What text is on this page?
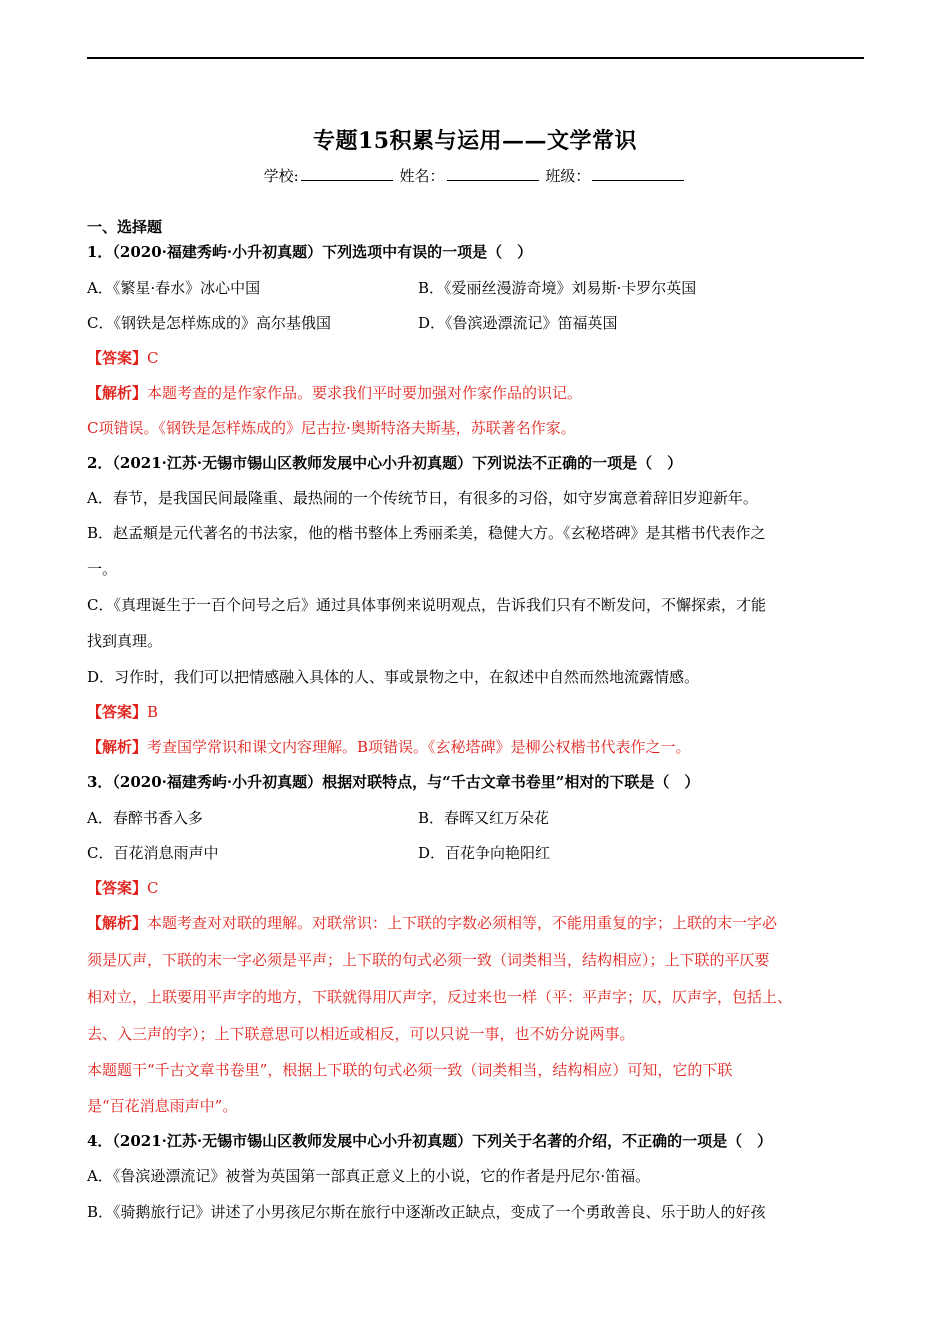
专题15积累与运用——文学常识
学校:	姓名：	班级：
一、选择题
1．（2020·福建秀屿·小升初真题）下列选项中有误的一项是（　）
A．《繁星·春水》冰心中国	B．《爱丽丝漫游奇境》刘易斯·卡罗尔英国
C．《钢铁是怎样炼成的》高尔基俄国	D．《鲁滨逊漂流记》笛福英国
【答案】C
【解析】本题考查的是作家作品。要求我们平时要加强对作家作品的识记。
C项错误。《钢铁是怎样炼成的》尼古拉·奥斯特洛夫斯基，苏联著名作家。
2．（2021·江苏·无锡市锡山区教师发展中心小升初真题）下列说法不正确的一项是（　）
A．春节，是我国民间最隆重、最热闹的一个传统节日，有很多的习俗，如守岁寓意着辞旧岁迎新年。
B．赵孟頫是元代著名的书法家，他的楷书整体上秀丽柔美，稳健大方。《玄秘塔碑》是其楷书代表作之
一。
C．《真理诞生于一百个问号之后》通过具体事例来说明观点，告诉我们只有不断发问，不懈探索，才能
找到真理。
D．习作时，我们可以把情感融入具体的人、事或景物之中，在叙述中自然而然地流露情感。
【答案】B
【解析】考查国学常识和课文内容理解。B项错误。《玄秘塔碑》是柳公权楷书代表作之一。
3．（2020·福建秀屿·小升初真题）根据对联特点，与“千古文章书卷里”相对的下联是（　）
A．春醉书香入多	B．春晖又红万朵花
C．百花消息雨声中	D．百花争向艳阳红
【答案】C
【解析】本题考查对对联的理解。对联常识：上下联的字数必须相等，不能用重复的字；上联的末一字必
须是仄声，下联的末一字必须是平声；上下联的句式必须一致（词类相当，结构相应）；上下联的平仄要
相对立，上联要用平声字的地方，下联就得用仄声字，反过来也一样（平：平声字；仄，仄声字，包括上、
去、入三声的字）；上下联意思可以相近或相反，可以只说一事，也不妨分说两事。
本题题干“千古文章书卷里”，根据上下联的句式必须一致（词类相当，结构相应）可知，它的下联
是“百花消息雨声中”。
4．（2021·江苏·无锡市锡山区教师发展中心小升初真题）下列关于名著的介绍，不正确的一项是（　）
A．《鲁滨逊漂流记》被誉为英国第一部真正意义上的小说，它的作者是丹尼尔·笛福。
B．《骑鹅旅行记》讲述了小男孩尼尔斯在旅行中逐渐改正缺点，变成了一个勇敢善良、乐于助人的好孩
